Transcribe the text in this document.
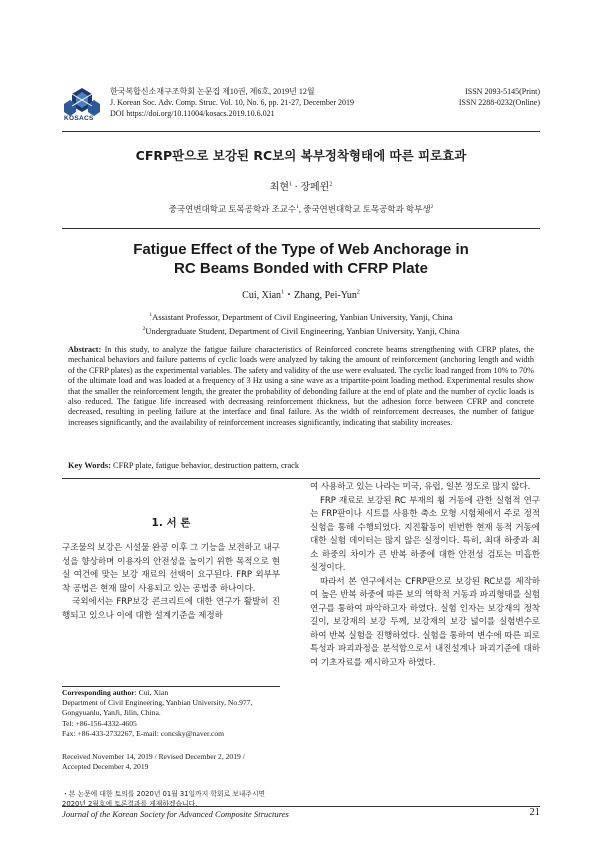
KOSACS
한국복합신소재구조학회 논문집 제10권, 제6호, 2019년 12월
J. Korean Soc. Adv. Comp. Struc. Vol. 10, No. 6, pp. 21-27, December 2019
DOI https://doi.org/10.11004/kosacs.2019.10.6.021
ISSN 2093-5145(Print)
ISSN 2288-0232(Online)
CFRP판으로 보강된 RC보의 복부정착형태에 따른 피로효과
최현$^1$ · 장페윈$^2$
중국연변대학교 토목공학과 조교수$^1$, 중국연변대학교 토목공학과 학부생$^2$
Fatigue Effect of the Type of Web Anchorage in
RC Beams Bonded with CFRP Plate
Cui, Xian$^1$・Zhang, Pei-Yun$^2$
$^1$Assistant Professor, Department of Civil Engineering, Yanbian University, Yanji, China
$^2$Undergraduate Student, Department of Civil Engineering, Yanbian University, Yanji, China
Abstract: In this study, to analyze the fatigue failure characteristics of Reinforced concrete beams strengthening with CFRP plates, the mechanical behaviors and failure patterns of cyclic loads were analyzed by taking the amount of reinforcement (anchoring length and width of the CFRP plates) as the experimental variables. The safety and validity of the use were evaluated. The cyclic load ranged from 10% to 70% of the ultimate load and was loaded at a frequency of 3 Hz using a sine wave as a tripartite-point loading method. Experimental results show that the smaller the reinforcement length, the greater the probability of debonding failure at the end of plate and the number of cyclic loads is also reduced. The fatigue life increased with decreasing reinforcement thickness, but the adhesion force between CFRP and concrete decreased, resulting in peeling failure at the interface and final failure. As the width of reinforcement decreases, the number of fatigue increases significantly, and the availability of reinforcement increases significantly, indicating that stability increases.
Key Words: CFRP plate, fatigue behavior, destruction pattern, crack
1. 서 론

구조물의 보강은 시설물 완공 이후 그 기능을 보전하고 내구성을 향상하며 이용자의 안전성을 높이기 위한 목적으로 현실 여건에 맞는 보강 재료의 선택이 요구된다. FRP 외부부착 공법은 현재 많이 사용되고 있는 공법중 하나이다.

국외에서는 FRP보강 콘크리트에 대한 연구가 활발히 진행되고 있으나 이에 대한 설계기준을 제정하

Corresponding author: Cui, Xian
Department of Civil Engineering, Yanbian University, No.977, Gongyuanlu, YanJi, Jilin, China.
Tel: +86-156-4332-4605
Fax: +86-433-2732267, E-mail: concsky@naver.com
Received November 14, 2019 / Revised December 2, 2019 /
Accepted December 4, 2019
・본 논문에 대한 토의를 2020년 01월 31일까지 학회로 보내주시면 2020년 2월호에 토론결과를 게재하겠습니다.

여 사용하고 있는 나라는 미국, 유럽, 일본 정도로 많지 않다.

FRP 재료로 보강된 RC 부재의 휨 거동에 관한 실험적 연구는 FRP판이나 시트를 사용한 축소 모형 시험체에서 주로 정적 실험을 통해 수행되었다. 지진활동이 빈번한 현재 동적 거동에 대한 실험 데이터는 많지 않은 실정이다. 특히, 최대 하중과 최소 하중의 차이가 큰 반복 하중에 대한 안전성 검토는 미흡한 실정이다.

따라서 본 연구에서는 CFRP판으로 보강된 RC보를 제작하여 높은 반복 하중에 따른 보의 역학적 거동과 파괴형태를 실험 연구를 통하여 파악하고자 하였다. 실험 인자는 보강재의 정착 길이, 보강재의 보강 두께, 보강재의 보강 넓이를 실험변수로 하여 반복 실험을 진행하였다. 실험을 통하여 변수에 따른 피로 특성과 파괴과정을 분석함으로서 내진설계나 파괴기준에 대하여 기초자료를 제시하고자 하였다.

Journal of the Korean Society for Advanced Composite Structures	21
